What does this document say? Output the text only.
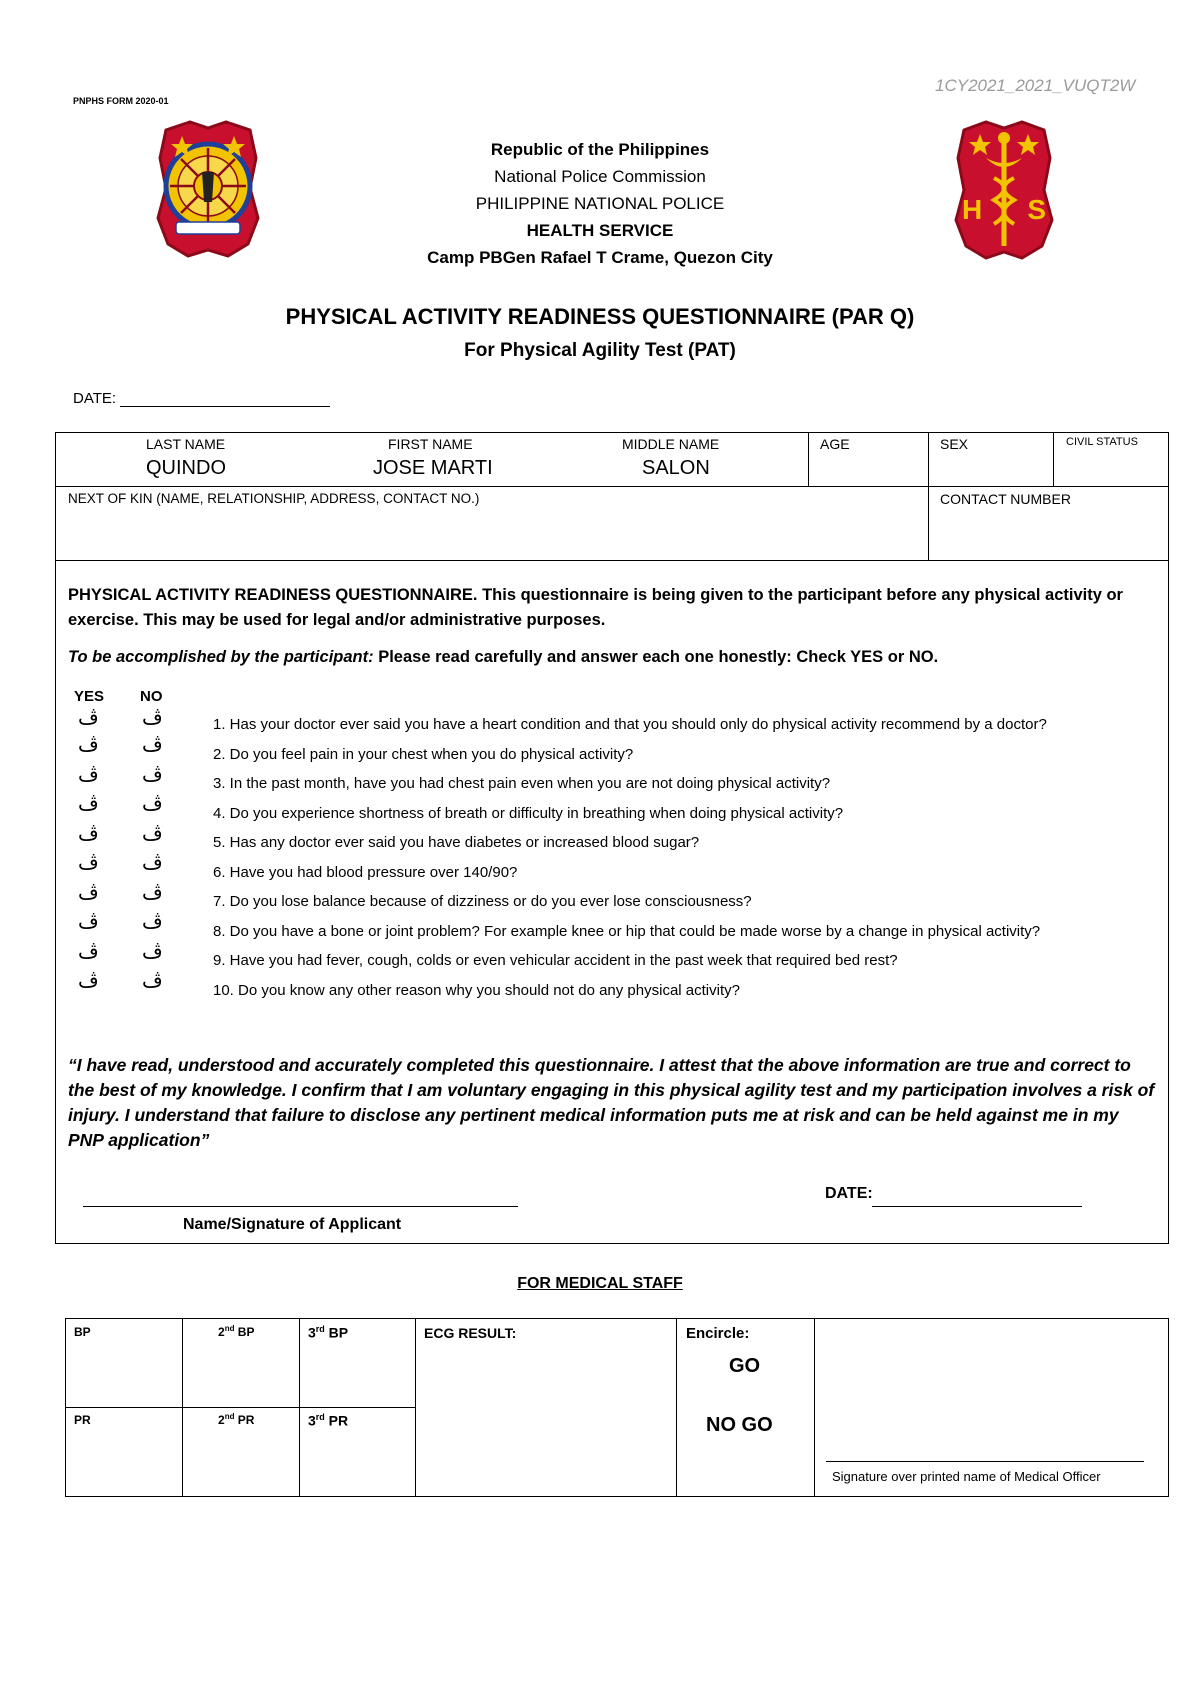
1CY2021_2021_VUQT2W
PNPHS FORM 2020-01
H S
Republic of the Philippines
National Police Commission
PHILIPPINE NATIONAL POLICE
HEALTH SERVICE
Camp PBGen Rafael T Crame, Quezon City
PHYSICAL ACTIVITY READINESS QUESTIONNAIRE (PAR Q)
For Physical Agility Test (PAT)
DATE:
LAST NAME
QUINDO
FIRST NAME
JOSE MARTI
MIDDLE NAME
SALON
AGE	SEX	CIVIL STATUS
NEXT OF KIN (NAME, RELATIONSHIP, ADDRESS, CONTACT NO.)	CONTACT NUMBER
PHYSICAL ACTIVITY READINESS QUESTIONNAIRE. This questionnaire is being given to the participant before any physical activity or exercise. This may be used for legal and/or administrative purposes.
To be accomplished by the participant: Please read carefully and answer each one honestly: Check YES or NO.
YES NO
ڤ ڤ	1. Has your doctor ever said you have a heart condition and that you should only do physical activity recommend by a doctor?
ڤ ڤ	2. Do you feel pain in your chest when you do physical activity?
ڤ ڤ	3. In the past month, have you had chest pain even when you are not doing physical activity?
ڤ ڤ	4. Do you experience shortness of breath or difficulty in breathing when doing physical activity?
ڤ ڤ	5. Has any doctor ever said you have diabetes or increased blood sugar?
ڤ ڤ	6. Have you had blood pressure over 140/90?
ڤ ڤ	7. Do you lose balance because of dizziness or do you ever lose consciousness?
ڤ ڤ	8. Do you have a bone or joint problem? For example knee or hip that could be made worse by a change in physical activity?
ڤ ڤ	9. Have you had fever, cough, colds or even vehicular accident in the past week that required bed rest?
ڤ ڤ	10. Do you know any other reason why you should not do any physical activity?
“I have read, understood and accurately completed this questionnaire. I attest that the above information are true and correct to the best of my knowledge. I confirm that I am voluntary engaging in this physical agility test and my participation involves a risk of injury. I understand that failure to disclose any pertinent medical information puts me at risk and can be held against me in my PNP application”
Name/Signature of Applicant
DATE:
FOR MEDICAL STAFF
BP	2nd BP	3rd BP
PR	2nd PR	3rd PR
ECG RESULT:	Encircle:
GO
NO GO
Signature over printed name of Medical Officer
